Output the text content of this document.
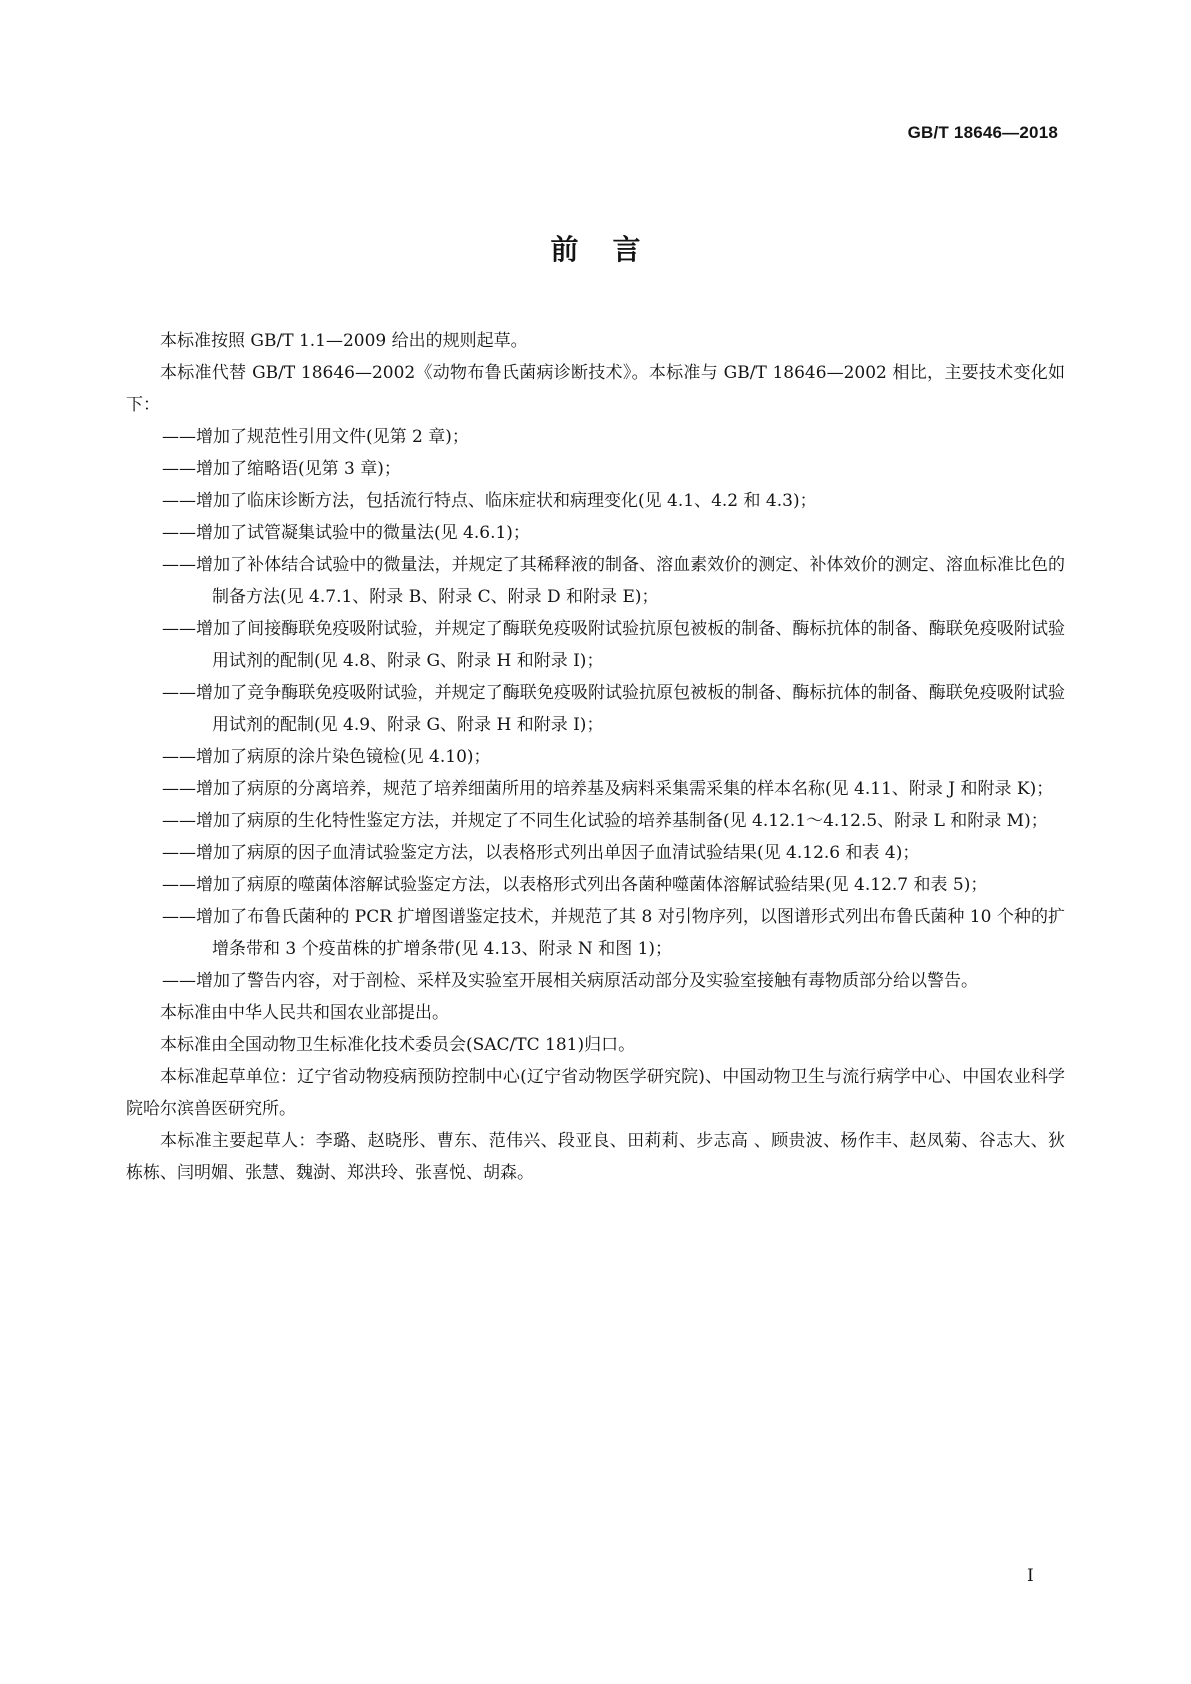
GB/T 18646—2018
前言

本标准按照 GB/T 1.1—2009 给出的规则起草。

本标准代替 GB/T 18646—2002《动物布鲁氏菌病诊断技术》。本标准与 GB/T 18646—2002 相比，主要技术变化如下：

——增加了规范性引用文件(见第 2 章)；

——增加了缩略语(见第 3 章)；

——增加了临床诊断方法，包括流行特点、临床症状和病理变化(见 4.1、4.2 和 4.3)；

——增加了试管凝集试验中的微量法(见 4.6.1)；

——增加了补体结合试验中的微量法，并规定了其稀释液的制备、溶血素效价的测定、补体效价的测定、溶血标准比色的制备方法(见 4.7.1、附录 B、附录 C、附录 D 和附录 E)；

——增加了间接酶联免疫吸附试验，并规定了酶联免疫吸附试验抗原包被板的制备、酶标抗体的制备、酶联免疫吸附试验用试剂的配制(见 4.8、附录 G、附录 H 和附录 I)；

——增加了竞争酶联免疫吸附试验，并规定了酶联免疫吸附试验抗原包被板的制备、酶标抗体的制备、酶联免疫吸附试验用试剂的配制(见 4.9、附录 G、附录 H 和附录 I)；

——增加了病原的涂片染色镜检(见 4.10)；

——增加了病原的分离培养，规范了培养细菌所用的培养基及病料采集需采集的样本名称(见 4.11、附录 J 和附录 K)；

——增加了病原的生化特性鉴定方法，并规定了不同生化试验的培养基制备(见 4.12.1～4.12.5、附录 L 和附录 M)；

——增加了病原的因子血清试验鉴定方法，以表格形式列出单因子血清试验结果(见 4.12.6 和表 4)；

——增加了病原的噬菌体溶解试验鉴定方法，以表格形式列出各菌种噬菌体溶解试验结果(见 4.12.7 和表 5)；

——增加了布鲁氏菌种的 PCR 扩增图谱鉴定技术，并规范了其 8 对引物序列，以图谱形式列出布鲁氏菌种 10 个种的扩增条带和 3 个疫苗株的扩增条带(见 4.13、附录 N 和图 1)；

——增加了警告内容，对于剖检、采样及实验室开展相关病原活动部分及实验室接触有毒物质部分给以警告。

本标准由中华人民共和国农业部提出。

本标准由全国动物卫生标准化技术委员会(SAC/TC 181)归口。

本标准起草单位：辽宁省动物疫病预防控制中心(辽宁省动物医学研究院)、中国动物卫生与流行病学中心、中国农业科学院哈尔滨兽医研究所。

本标准主要起草人：李璐、赵晓彤、曹东、范伟兴、段亚良、田莉莉、步志高 、顾贵波、杨作丰、赵凤菊、谷志大、狄栋栋、闫明媚、张慧、魏澍、郑洪玲、张喜悦、胡森。

I
